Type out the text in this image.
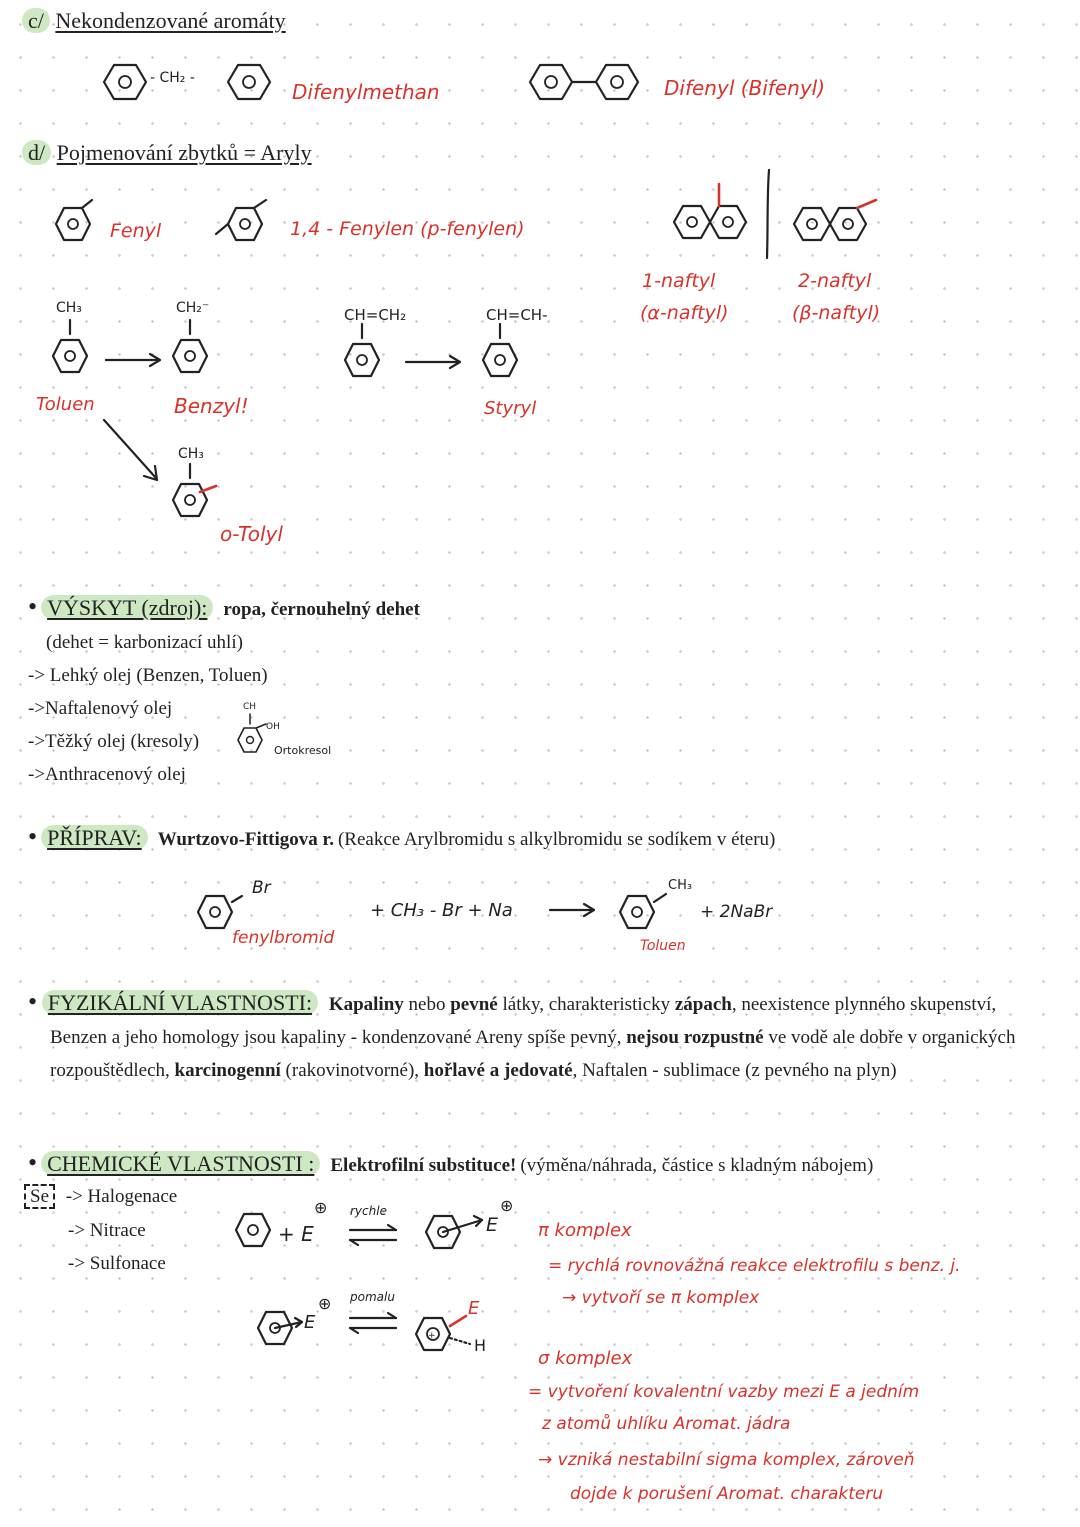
c/ Nekondenzované aromáty
- CH₂ -
Difenylmethan	Difenyl (Bifenyl)
d/ Pojmenování zbytků = Aryly
Fenyl	1,4 - Fenylen (p-fenylen)
1-naftyl
(α-naftyl)
2-naftyl
(β-naftyl)
CH₃	CH₂⁻
Toluen	Benzyl!
CH₃
o-Tolyl
CH=CH₂	CH=CH-
Styryl
• VÝSKYT (zdroj): ropa, černouhelný dehet
(dehet = karbonizací uhlí)
-> Lehký olej (Benzen, Toluen)
->Naftalenový olej
->Těžký olej (kresoly)
->Anthracenový olej
CH
OH
Ortokresol
• PŘÍPRAV: Wurtzovo-Fittigova r. (Reakce Arylbromidu s alkylbromidu se sodíkem v éteru)
Br
fenylbromid
+ CH₃ - Br + Na
CH₃
+ 2NaBr
Toluen
• FYZIKÁLNÍ VLASTNOSTI: Kapaliny nebo pevné látky, charakteristicky zápach, neexistence plynného skupenství, Benzen a jeho homology jsou kapaliny - kondenzované Areny spíše pevný, nejsou rozpustné ve vodě ale dobře v organických rozpouštědlech, karcinogenní (rakovinotvorné), hořlavé a jedovaté, Naftalen - sublimace (z pevného na plyn)
• CHEMICKÉ VLASTNOSTI : Elektrofilní substituce! (výměna/náhrada, částice s kladným nábojem)
Se -> Halogenace
-> Nitrace
-> Sulfonace
+ E
⊕ rychle
E
⊕
π komplex
= rychlá rovnovážná reakce elektrofilu s benz. j.
→ vytvoří se π komplex
E
⊕ pomalu
+
E
H
σ komplex
= vytvoření kovalentní vazby mezi E a jedním
z atomů uhlíku Aromat. jádra
→ vzniká nestabilní sigma komplex, zároveň
dojde k porušení Aromat. charakteru
